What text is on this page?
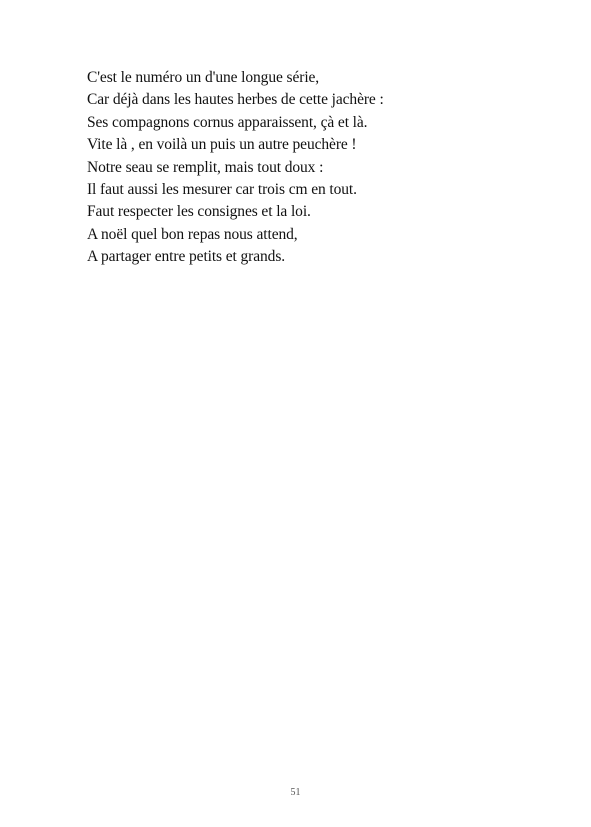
C'est le numéro un d'une longue série,
Car déjà dans les hautes herbes de cette jachère :
Ses compagnons cornus apparaissent, çà et là.
Vite là , en voilà un puis un autre peuchère !
Notre seau se remplit, mais tout doux :
Il faut aussi les mesurer car trois cm en tout.
Faut respecter les consignes et la loi.
A noël quel bon repas nous attend,
A partager entre petits et grands.
51
